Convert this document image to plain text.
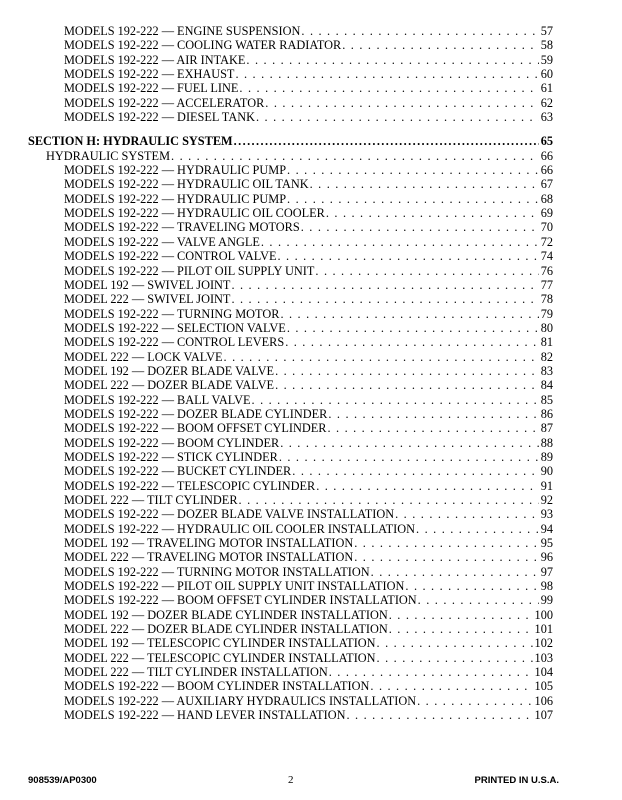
MODELS 192-222 — ENGINE SUSPENSION . . .	57
MODELS 192-222 — COOLING WATER RADIATOR . . .	58
MODELS 192-222 — AIR INTAKE . . .	59
MODELS 192-222 — EXHAUST . . .	60
MODELS 192-222 — FUEL LINE . . .	61
MODELS 192-222 — ACCELERATOR . . .	62
MODELS 192-222 — DIESEL TANK . . .	63
SECTION H: HYDRAULIC SYSTEM .....	65
HYDRAULIC SYSTEM . . .	66
MODELS 192-222 — HYDRAULIC PUMP . . .	66
MODELS 192-222 — HYDRAULIC OIL TANK . . .	67
MODELS 192-222 — HYDRAULIC PUMP . . .	68
MODELS 192-222 — HYDRAULIC OIL COOLER . . .	69
MODELS 192-222 — TRAVELING MOTORS . . .	70
MODELS 192-222 — VALVE ANGLE . . .	72
MODELS 192-222 — CONTROL VALVE . . .	74
MODELS 192-222 — PILOT OIL SUPPLY UNIT . . .	76
MODEL 192 — SWIVEL JOINT . . .	77
MODEL 222 — SWIVEL JOINT . . .	78
MODELS 192-222 — TURNING MOTOR . . .	79
MODELS 192-222 — SELECTION VALVE . . .	80
MODELS 192-222 — CONTROL LEVERS . . .	81
MODEL 222 — LOCK VALVE . . .	82
MODEL 192 — DOZER BLADE VALVE . . .	83
MODEL 222 — DOZER BLADE VALVE . . .	84
MODELS 192-222 — BALL VALVE . . .	85
MODELS 192-222 — DOZER BLADE CYLINDER . . .	86
MODELS 192-222 — BOOM OFFSET CYLINDER . . .	87
MODELS 192-222 — BOOM CYLINDER . . .	88
MODELS 192-222 — STICK CYLINDER . . .	89
MODELS 192-222 — BUCKET CYLINDER . . .	90
MODELS 192-222 — TELESCOPIC CYLINDER . . .	91
MODEL 222 — TILT CYLINDER . . .	92
MODELS 192-222 — DOZER BLADE VALVE INSTALLATION . . .	93
MODELS 192-222 — HYDRAULIC OIL COOLER INSTALLATION . . .	94
MODEL 192 — TRAVELING MOTOR INSTALLATION . . .	95
MODEL 222 — TRAVELING MOTOR INSTALLATION . . .	96
MODELS 192-222 — TURNING MOTOR INSTALLATION . . .	97
MODELS 192-222 — PILOT OIL SUPPLY UNIT INSTALLATION . . .	98
MODELS 192-222 — BOOM OFFSET CYLINDER INSTALLATION . . .	99
MODEL 192 — DOZER BLADE CYLINDER INSTALLATION . . .	100
MODEL 222 — DOZER BLADE CYLINDER INSTALLATION . . .	101
MODEL 192 — TELESCOPIC CYLINDER INSTALLATION . . .	102
MODEL 222 — TELESCOPIC CYLINDER INSTALLATION . . .	103
MODEL 222 — TILT CYLINDER INSTALLATION . . .	104
MODELS 192-222 — BOOM CYLINDER INSTALLATION . . .	105
MODELS 192-222 — AUXILIARY HYDRAULICS INSTALLATION . . .	106
MODELS 192-222 — HAND LEVER INSTALLATION . . .	107
908539/AP0300	2	PRINTED IN U.S.A.
